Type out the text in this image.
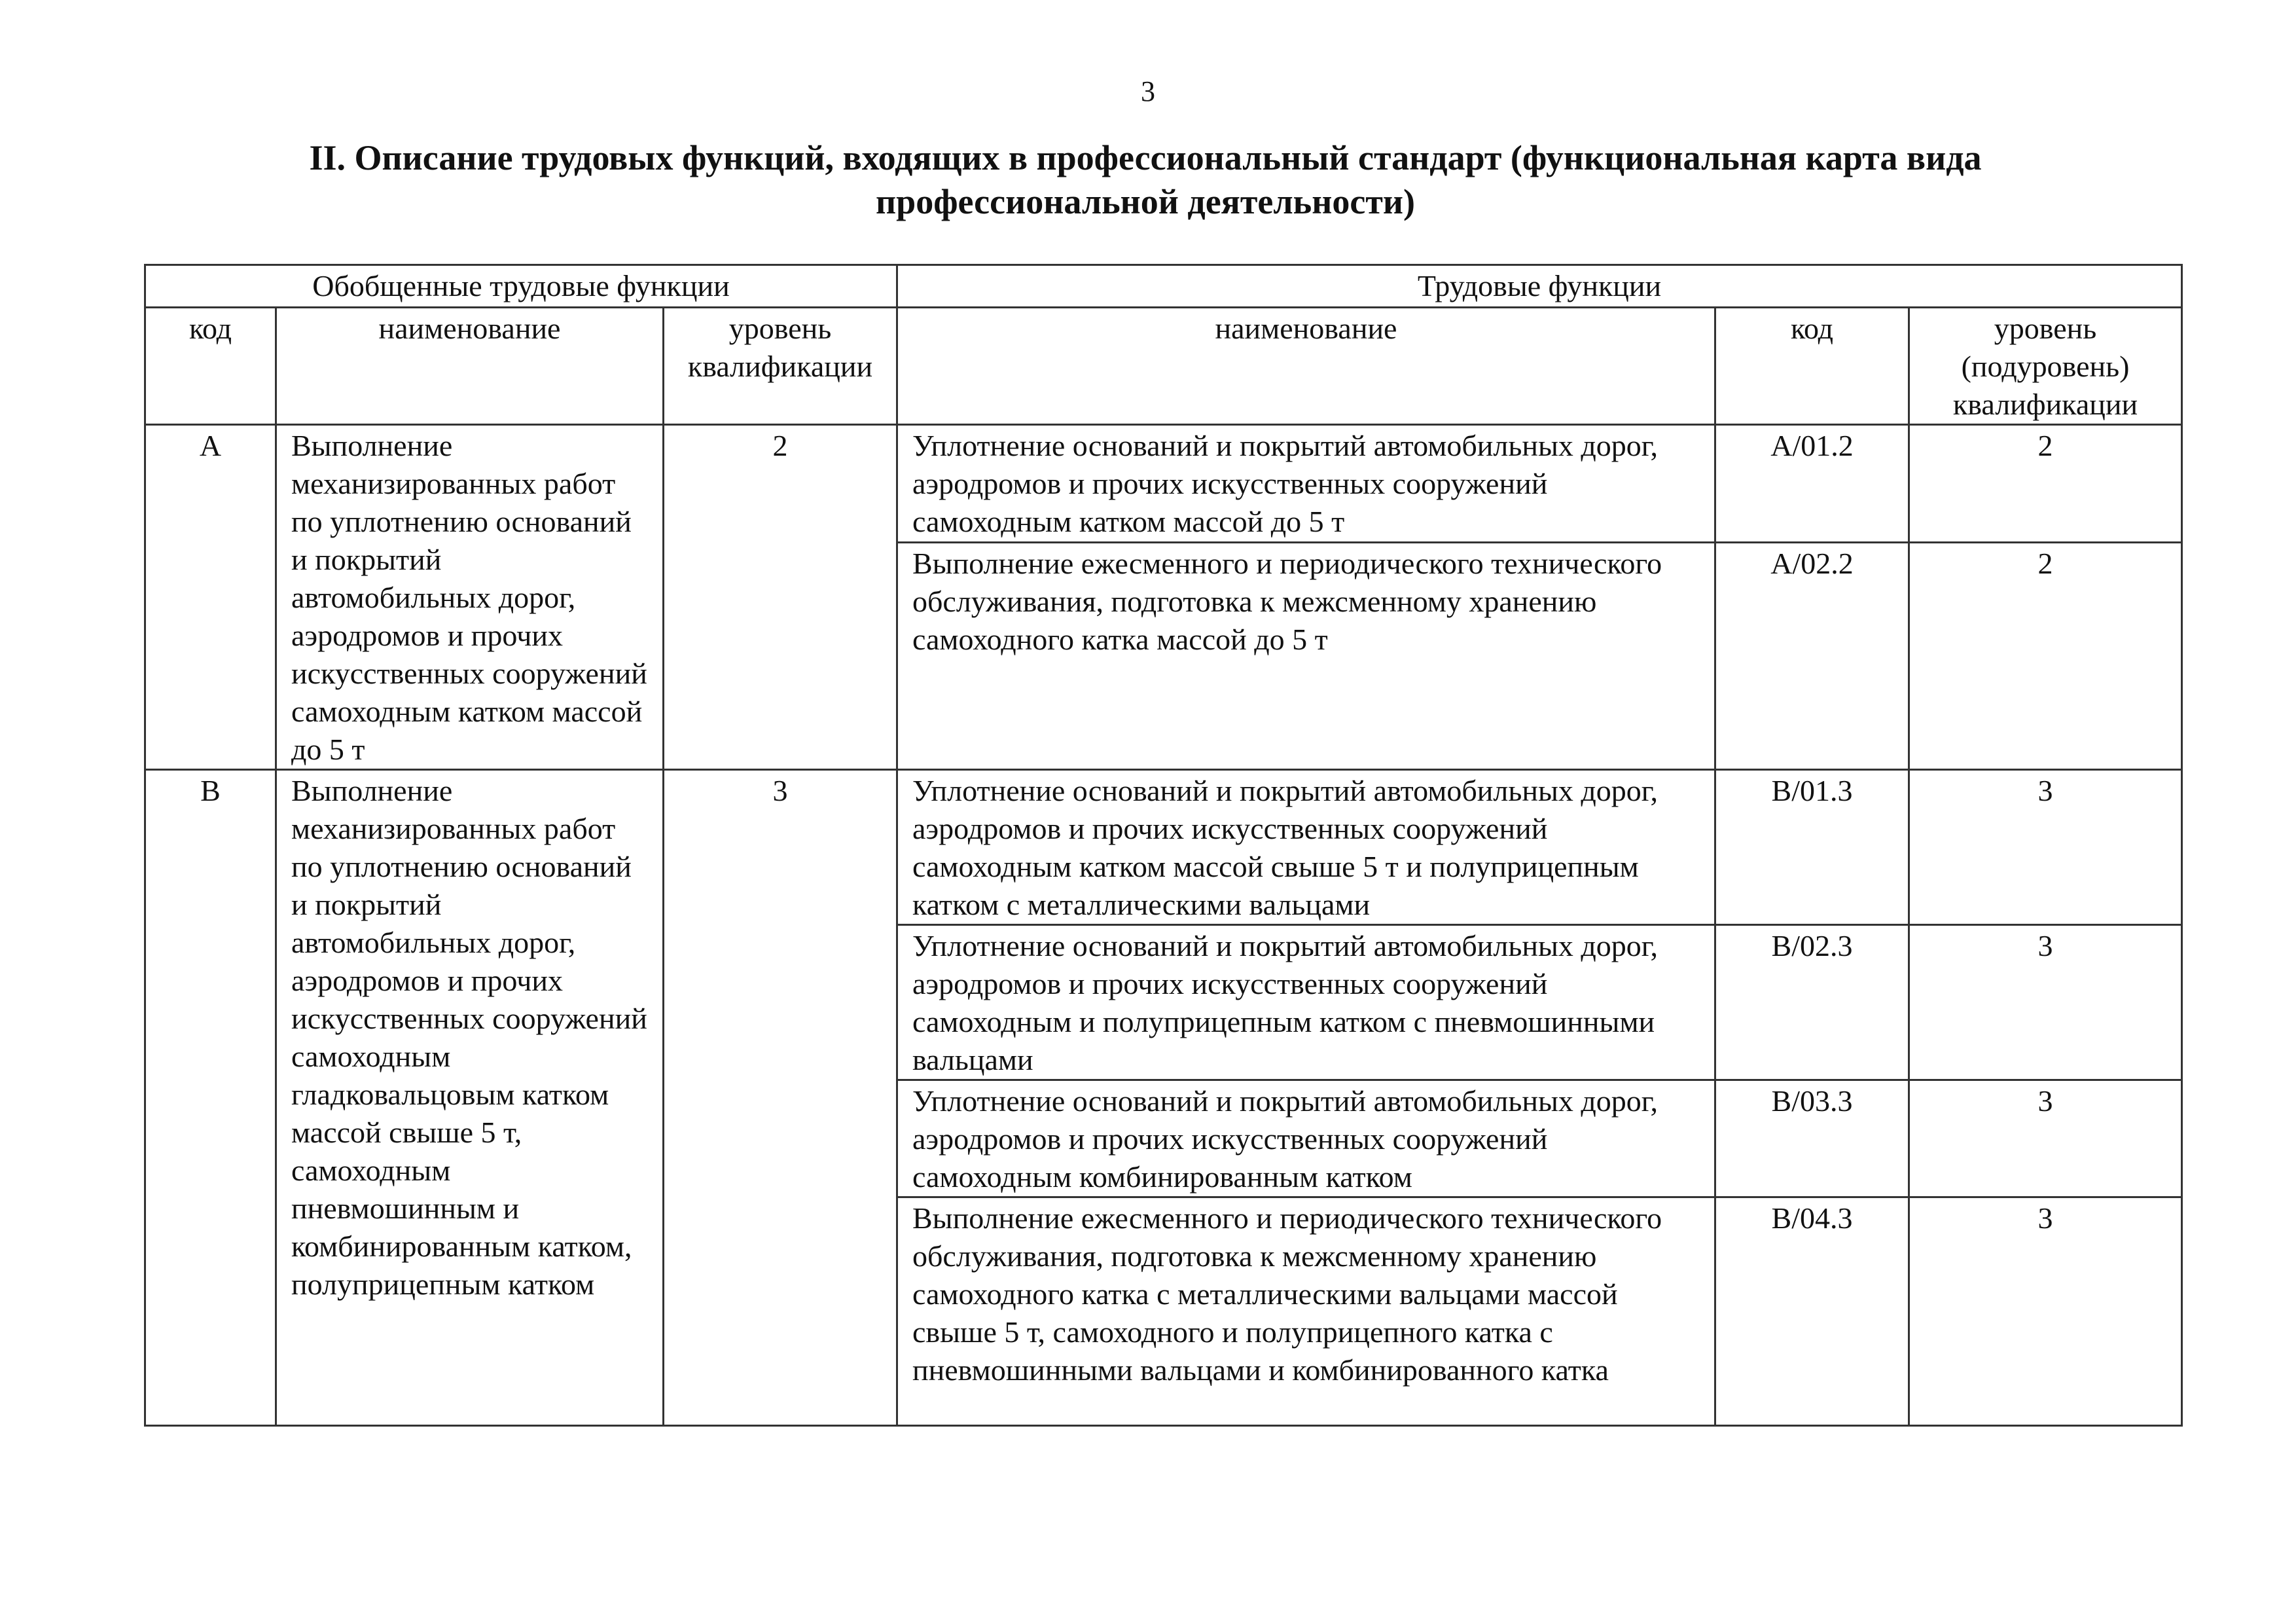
3
II. Описание трудовых функций, входящих в профессиональный стандарт (функциональная карта вида
профессиональной деятельности)
Обобщенные трудовые функции			Трудовые функции		
код	наименование	уровень квалификации	наименование	код	уровень (подуровень) квалификации
A	Выполнение механизированных работ по уплотнению оснований и покрытий автомобильных дорог, аэродромов и прочих искусственных сооружений самоходным катком массой до 5 т	2	Уплотнение оснований и покрытий автомобильных дорог, аэродромов и прочих искусственных сооружений самоходным катком массой до 5 т	A/01.2	2
			Выполнение ежесменного и периодического технического обслуживания, подготовка к межсменному хранению самоходного катка массой до 5 т	A/02.2	2
B	Выполнение механизированных работ по уплотнению оснований и покрытий автомобильных дорог, аэродромов и прочих искусственных сооружений самоходным гладковальцовым катком массой свыше 5 т, самоходным пневмошинным и комбинированным катком, полуприцепным катком	3	Уплотнение оснований и покрытий автомобильных дорог, аэродромов и прочих искусственных сооружений самоходным катком массой свыше 5 т и полуприцепным катком с металлическими вальцами	B/01.3	3
			Уплотнение оснований и покрытий автомобильных дорог, аэродромов и прочих искусственных сооружений самоходным и полуприцепным катком с пневмошинными вальцами	B/02.3	3
			Уплотнение оснований и покрытий автомобильных дорог, аэродромов и прочих искусственных сооружений самоходным комбинированным катком	B/03.3	3
			Выполнение ежесменного и периодического технического обслуживания, подготовка к межсменному хранению самоходного катка с металлическими вальцами массой свыше 5 т, самоходного и полуприцепного катка с пневмошинными вальцами и комбинированного катка	B/04.3	3
